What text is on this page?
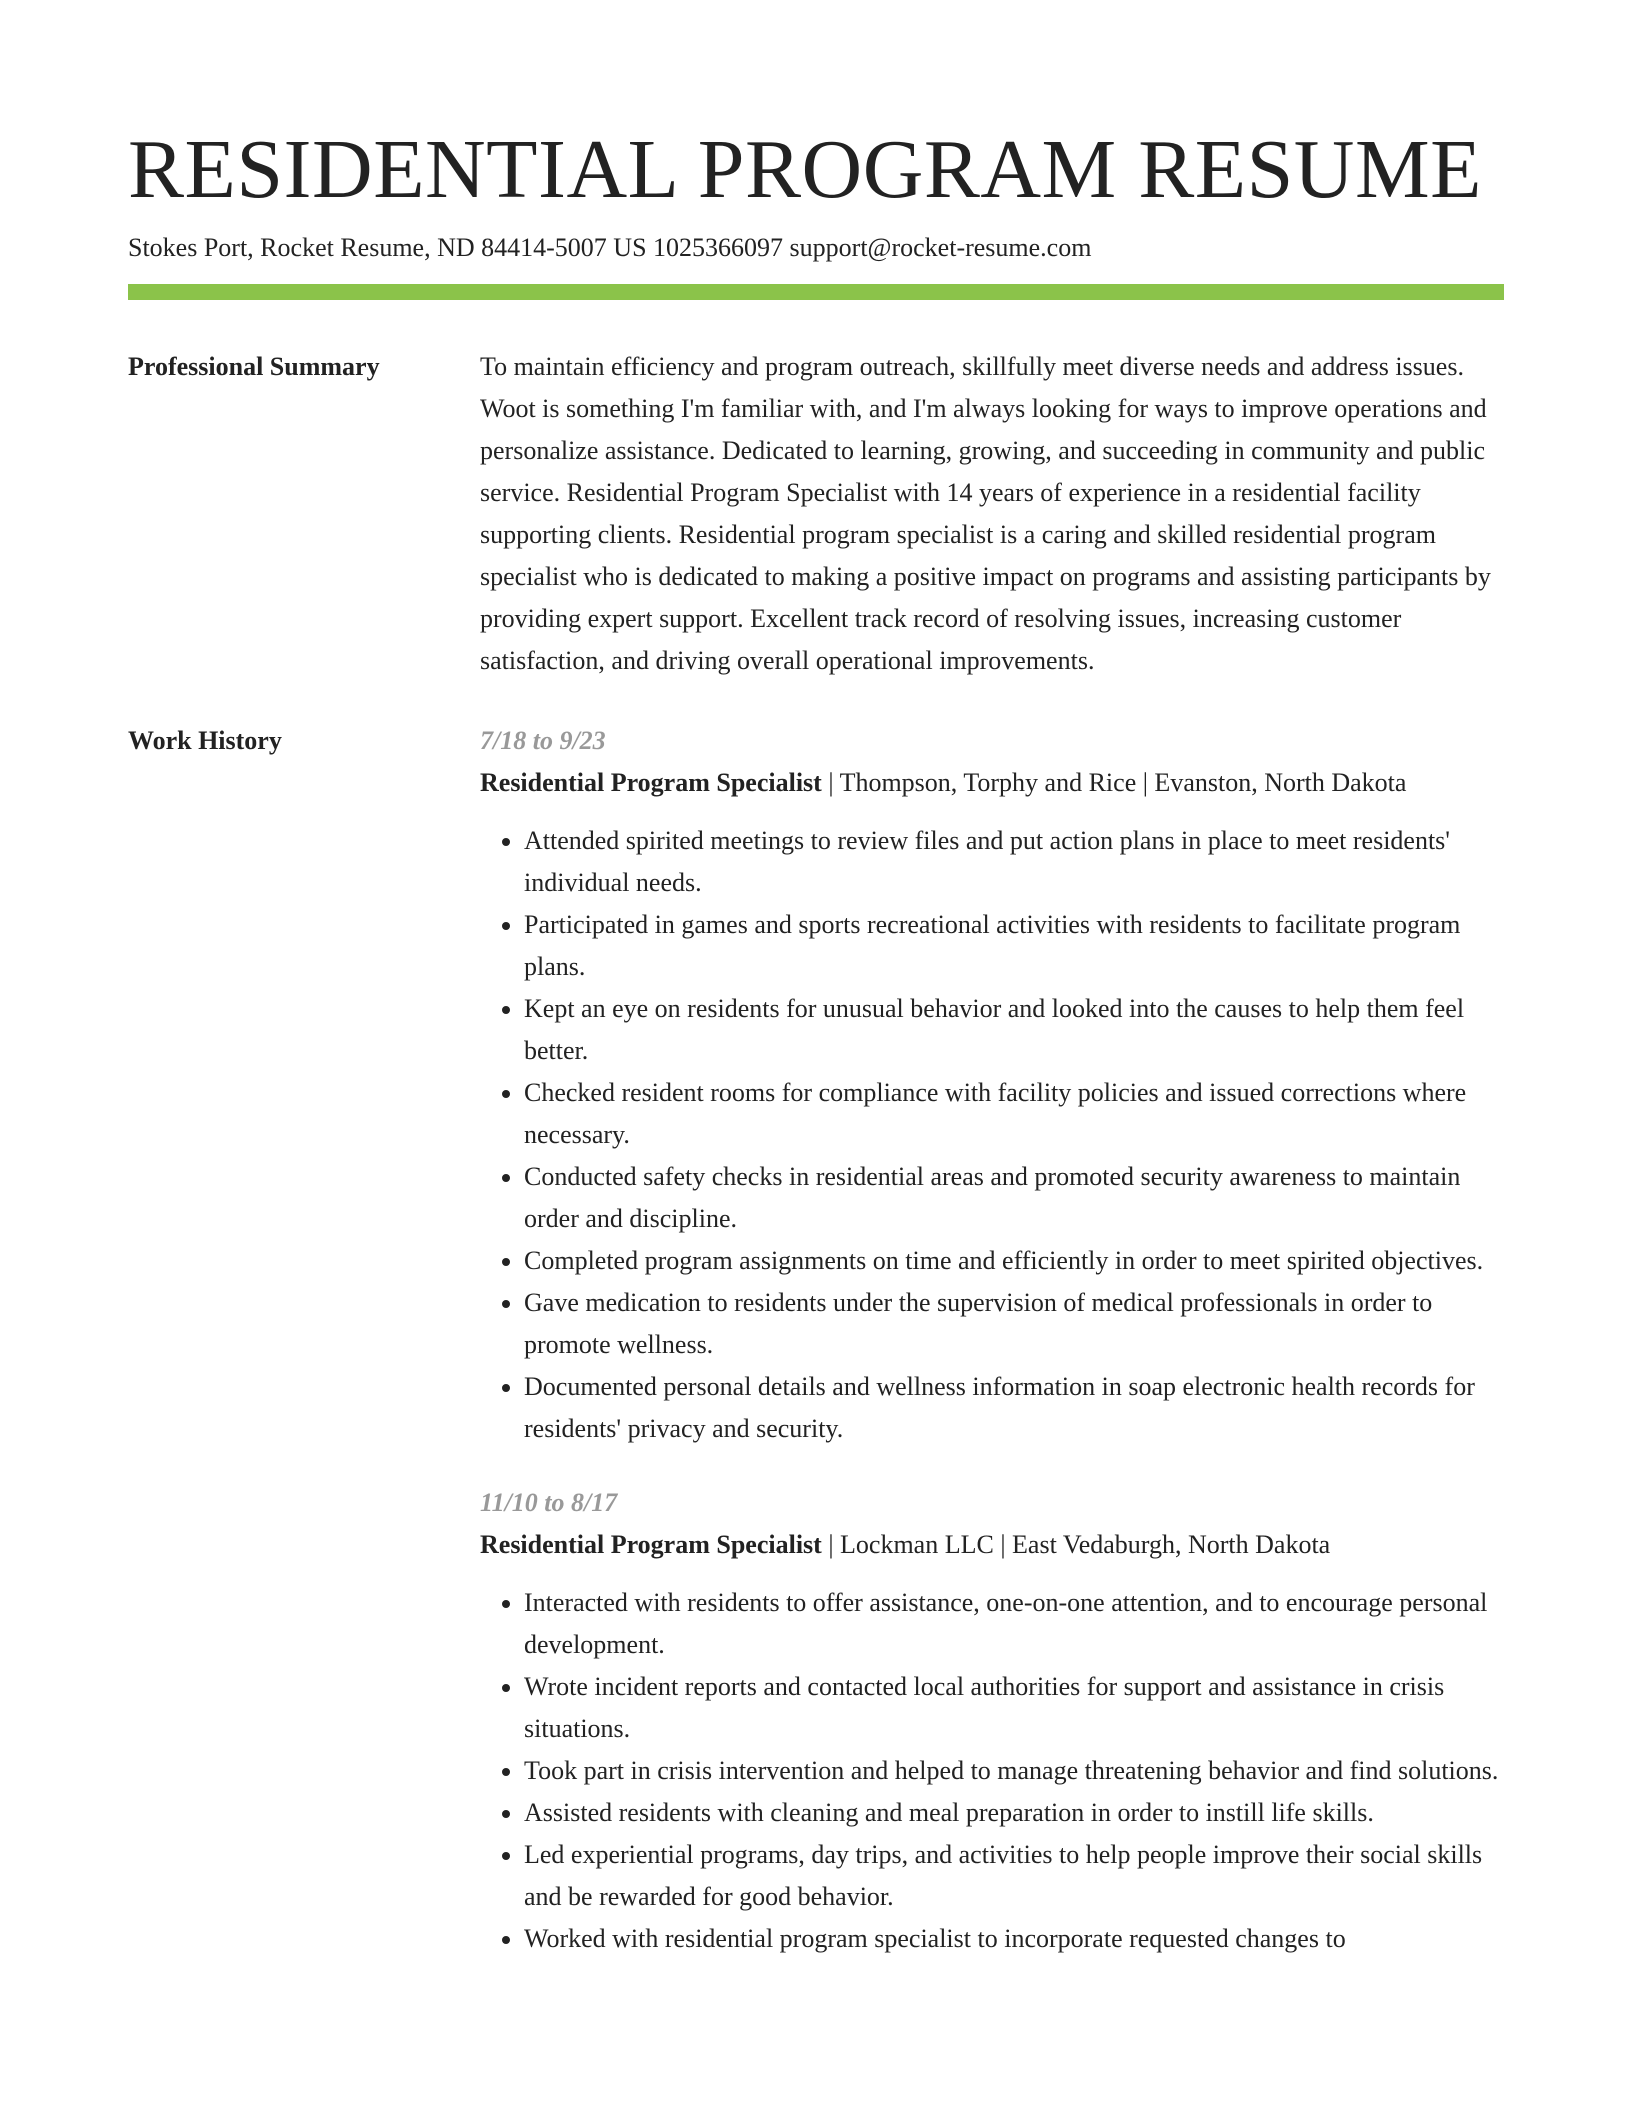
RESIDENTIAL PROGRAM RESUME
Stokes Port, Rocket Resume, ND 84414-5007 US 1025366097 support@rocket-resume.com
Professional Summary	To maintain efficiency and program outreach, skillfully meet diverse needs and address issues. Woot is something I'm familiar with, and I'm always looking for ways to improve operations and personalize assistance. Dedicated to learning, growing, and succeeding in community and public service. Residential Program Specialist with 14 years of experience in a residential facility supporting clients. Residential program specialist is a caring and skilled residential program specialist who is dedicated to making a positive impact on programs and assisting participants by providing expert support. Excellent track record of resolving issues, increasing customer satisfaction, and driving overall operational improvements.

Work History	7/18 to 9/23
Residential Program Specialist | Thompson, Torphy and Rice | Evanston, North Dakota
• Attended spirited meetings to review files and put action plans in place to meet residents' individual needs.
• Participated in games and sports recreational activities with residents to facilitate program plans.
• Kept an eye on residents for unusual behavior and looked into the causes to help them feel better.
• Checked resident rooms for compliance with facility policies and issued corrections where necessary.
• Conducted safety checks in residential areas and promoted security awareness to maintain order and discipline.
• Completed program assignments on time and efficiently in order to meet spirited objectives.
• Gave medication to residents under the supervision of medical professionals in order to promote wellness.
• Documented personal details and wellness information in soap electronic health records for residents' privacy and security.
11/10 to 8/17
Residential Program Specialist | Lockman LLC | East Vedaburgh, North Dakota
• Interacted with residents to offer assistance, one-on-one attention, and to encourage personal development.
• Wrote incident reports and contacted local authorities for support and assistance in crisis situations.
• Took part in crisis intervention and helped to manage threatening behavior and find solutions.
• Assisted residents with cleaning and meal preparation in order to instill life skills.
• Led experiential programs, day trips, and activities to help people improve their social skills and be rewarded for good behavior.
• Worked with residential program specialist to incorporate requested changes to
